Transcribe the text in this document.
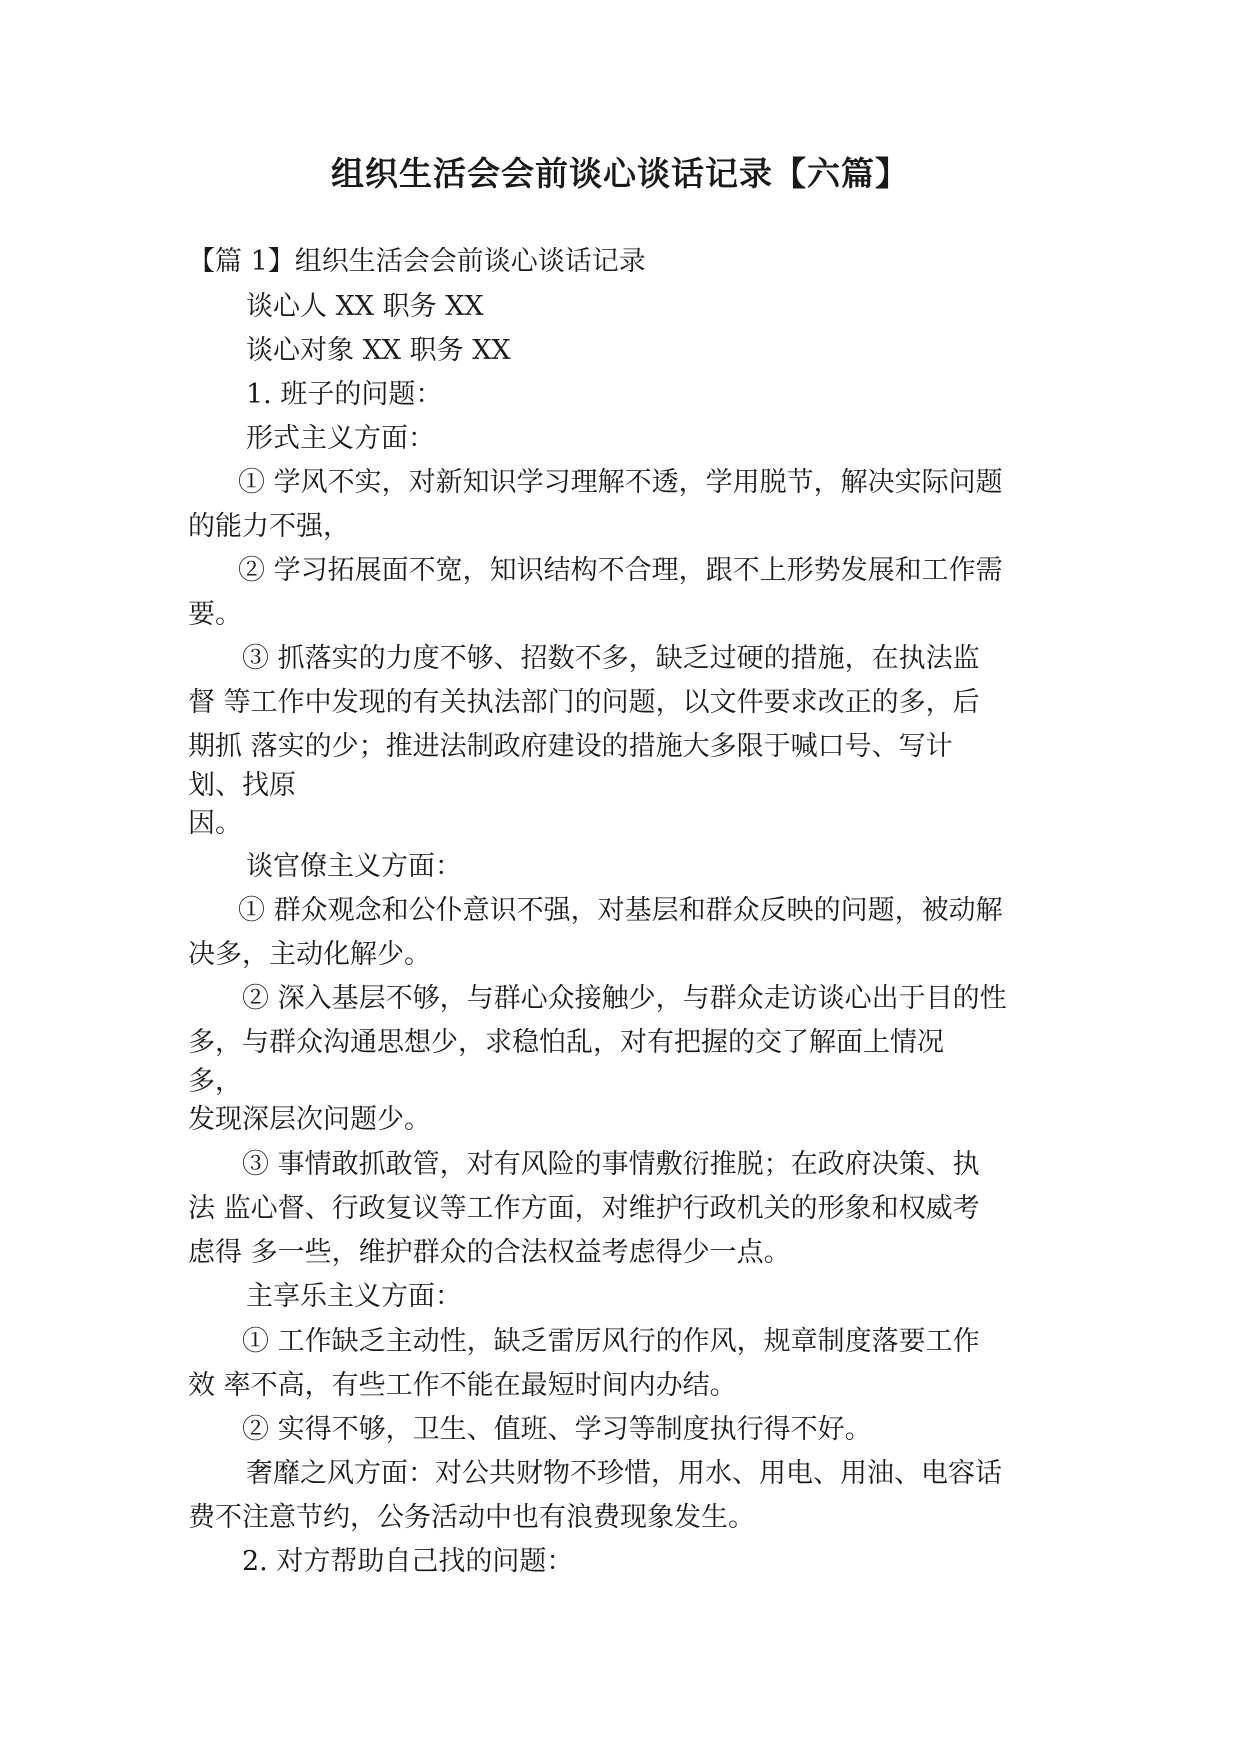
组织生活会会前谈心谈话记录【六篇】
【篇 1】组织生活会会前谈心谈话记录
谈心人 XX 职务 XX
谈心对象 XX 职务 XX
1. 班子的问题：
形式主义方面：
① 学风不实，对新知识学习理解不透，学用脱节，解决实际问题
的能力不强，
② 学习拓展面不宽，知识结构不合理，跟不上形势发展和工作需
要。
③ 抓落实的力度不够、招数不多，缺乏过硬的措施，在执法监
督 等工作中发现的有关执法部门的问题，以文件要求改正的多，后
期抓 落实的少；推进法制政府建设的措施大多限于喊口号、写计
划、找原
因。
谈官僚主义方面：
① 群众观念和公仆意识不强，对基层和群众反映的问题，被动解
决多，主动化解少。
② 深入基层不够，与群心众接触少，与群众走访谈心出于目的性
多，与群众沟通思想少，求稳怕乱，对有把握的交了解面上情况
多，
发现深层次问题少。
③ 事情敢抓敢管，对有风险的事情敷衍推脱；在政府决策、执
法 监心督、行政复议等工作方面，对维护行政机关的形象和权威考
虑得 多一些，维护群众的合法权益考虑得少一点。
主享乐主义方面：
① 工作缺乏主动性，缺乏雷厉风行的作风，规章制度落要工作
效 率不高，有些工作不能在最短时间内办结。
② 实得不够，卫生、值班、学习等制度执行得不好。
奢靡之风方面：对公共财物不珍惜，用水、用电、用油、电容话
费不注意节约，公务活动中也有浪费现象发生。
2. 对方帮助自己找的问题：
